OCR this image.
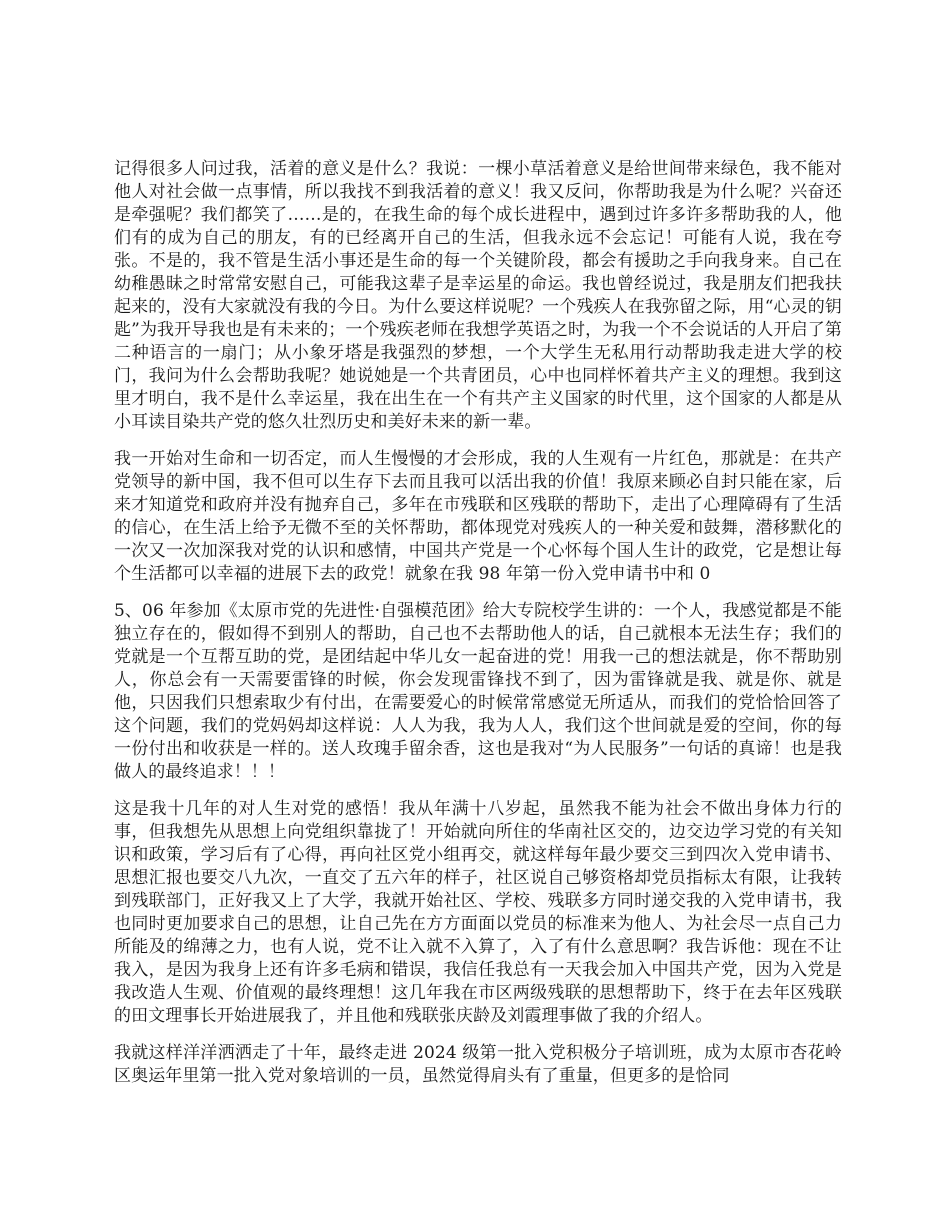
记得很多人问过我，活着的意义是什么？我说：一棵小草活着意义是给世间带来绿色，我不能对他人对社会做一点事情，所以我找不到我活着的意义！我又反问，你帮助我是为什么呢？兴奋还是牵强呢？我们都笑了……是的，在我生命的每个成长进程中，遇到过许多许多帮助我的人，他们有的成为自己的朋友，有的已经离开自己的生活，但我永远不会忘记！可能有人说，我在夸张。不是的，我不管是生活小事还是生命的每一个关键阶段，都会有援助之手向我身来。自己在幼稚愚昧之时常常安慰自己，可能我这辈子是幸运星的命运。我也曾经说过，我是朋友们把我扶起来的，没有大家就没有我的今日。为什么要这样说呢？一个残疾人在我弥留之际，用“心灵的钥匙”为我开导我也是有未来的；一个残疾老师在我想学英语之时，为我一个不会说话的人开启了第二种语言的一扇门；从小象牙塔是我强烈的梦想，一个大学生无私用行动帮助我走进大学的校门，我问为什么会帮助我呢？她说她是一个共青团员，心中也同样怀着共产主义的理想。我到这里才明白，我不是什么幸运星，我在出生在一个有共产主义国家的时代里，这个国家的人都是从小耳读目染共产党的悠久壮烈历史和美好未来的新一辈。

我一开始对生命和一切否定，而人生慢慢的才会形成，我的人生观有一片红色，那就是：在共产党领导的新中国，我不但可以生存下去而且我可以活出我的价值！我原来顾必自封只能在家，后来才知道党和政府并没有抛弃自己，多年在市残联和区残联的帮助下，走出了心理障碍有了生活的信心，在生活上给予无微不至的关怀帮助，都体现党对残疾人的一种关爱和鼓舞，潜移默化的一次又一次加深我对党的认识和感情，中国共产党是一个心怀每个国人生计的政党，它是想让每个生活都可以幸福的进展下去的政党！就象在我 98 年第一份入党申请书中和 0

5、06 年参加《太原市党的先进性·自强模范团》给大专院校学生讲的：一个人，我感觉都是不能独立存在的，假如得不到别人的帮助，自己也不去帮助他人的话，自己就根本无法生存；我们的党就是一个互帮互助的党，是团结起中华儿女一起奋进的党！用我一己的想法就是，你不帮助别人，你总会有一天需要雷锋的时候，你会发现雷锋找不到了，因为雷锋就是我、就是你、就是他，只因我们只想索取少有付出，在需要爱心的时候常常感觉无所适从，而我们的党恰恰回答了这个问题，我们的党妈妈却这样说：人人为我，我为人人，我们这个世间就是爱的空间，你的每一份付出和收获是一样的。送人玫瑰手留余香，这也是我对“为人民服务”一句话的真谛！也是我做人的最终追求！！！

这是我十几年的对人生对党的感悟！我从年满十八岁起，虽然我不能为社会不做出身体力行的事，但我想先从思想上向党组织靠拢了！开始就向所住的华南社区交的，边交边学习党的有关知识和政策，学习后有了心得，再向社区党小组再交，就这样每年最少要交三到四次入党申请书、思想汇报也要交八九次，一直交了五六年的样子，社区说自己够资格却党员指标太有限，让我转到残联部门，正好我又上了大学，我就开始社区、学校、残联多方同时递交我的入党申请书，我也同时更加要求自己的思想，让自己先在方方面面以党员的标准来为他人、为社会尽一点自己力所能及的绵薄之力，也有人说，党不让入就不入算了，入了有什么意思啊？我告诉他：现在不让我入，是因为我身上还有许多毛病和错误，我信任我总有一天我会加入中国共产党，因为入党是我改造人生观、价值观的最终理想！这几年我在市区两级残联的思想帮助下，终于在去年区残联的田文理事长开始进展我了，并且他和残联张庆龄及刘霞理事做了我的介绍人。

我就这样洋洋洒洒走了十年，最终走进 2024 级第一批入党积极分子培训班，成为太原市杏花岭区奥运年里第一批入党对象培训的一员，虽然觉得肩头有了重量，但更多的是恰同
